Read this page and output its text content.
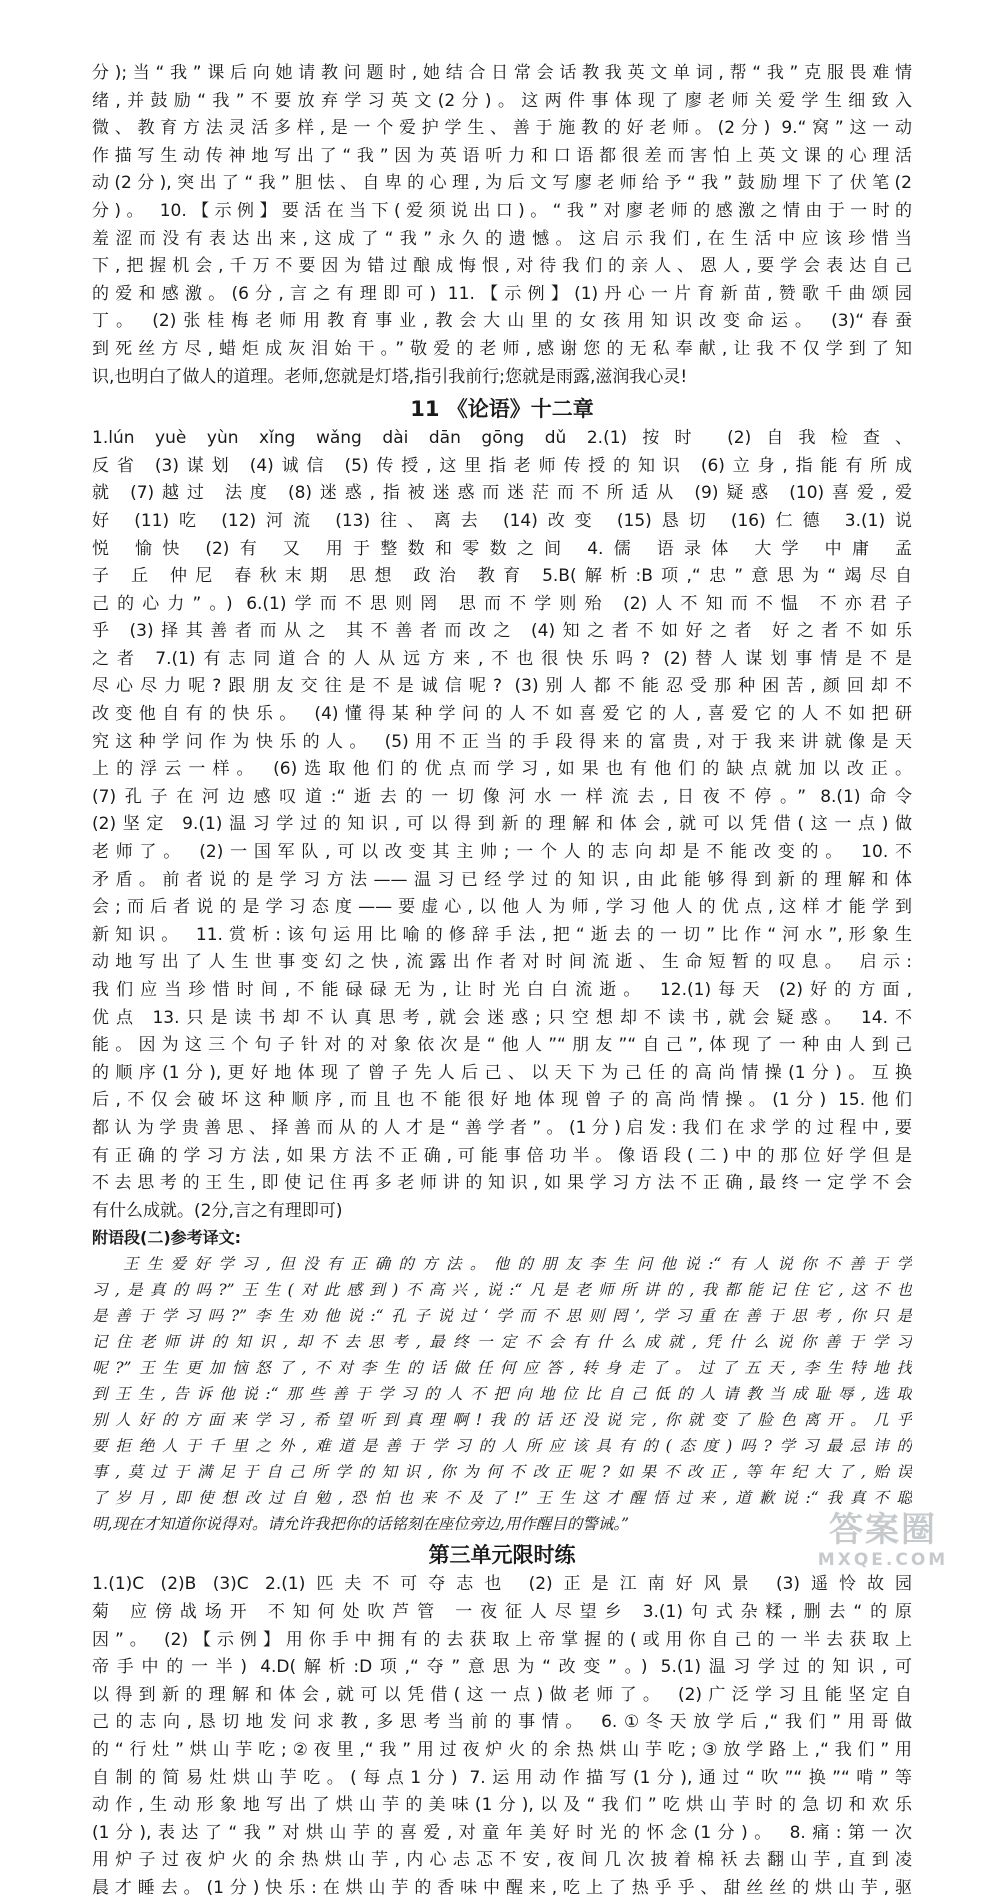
分);当“我”课后向她请教问题时,她结合日常会话教我英文单词,帮“我”克服畏难情

绪,并鼓励“我”不要放弃学习英文(2分)。这两件事体现了廖老师关爱学生细致入

微、教育方法灵活多样,是一个爱护学生、善于施教的好老师。(2分) 9.“窝”这一动

作描写生动传神地写出了“我”因为英语听力和口语都很差而害怕上英文课的心理活

动(2分),突出了“我”胆怯、自卑的心理,为后文写廖老师给予“我”鼓励埋下了伏笔(2

分)。 10.【示例】要活在当下(爱须说出口)。“我”对廖老师的感激之情由于一时的

羞涩而没有表达出来,这成了“我”永久的遗憾。这启示我们,在生活中应该珍惜当

下,把握机会,千万不要因为错过酿成悔恨,对待我们的亲人、恩人,要学会表达自己

的爱和感激。(6分,言之有理即可) 11.【示例】(1)丹心一片育新苗,赞歌千曲颂园

丁。 (2)张桂梅老师用教育事业,教会大山里的女孩用知识改变命运。 (3)“春蚕

到死丝方尽,蜡炬成灰泪始干。”敬爱的老师,感谢您的无私奉献,让我不仅学到了知

识,也明白了做人的道理。老师,您就是灯塔,指引我前行;您就是雨露,滋润我心灵!

11 《论语》十二章

1.lún yuè yùn xǐng wǎng dài dān gōng dǔ 2.(1)按时 (2)自我检查、

反省 (3)谋划 (4)诚信 (5)传授,这里指老师传授的知识 (6)立身,指能有所成

就 (7)越过 法度 (8)迷惑,指被迷惑而迷茫而不所适从 (9)疑惑 (10)喜爱,爱

好 (11)吃 (12)河流 (13)往、离去 (14)改变 (15)恳切 (16)仁德 3.(1)说

悦 愉快 (2)有 又 用于整数和零数之间 4.儒 语录体 大学 中庸 孟

子 丘 仲尼 春秋末期 思想 政治 教育 5.B(解析:B项,“忠”意思为“竭尽自

己的心力”。) 6.(1)学而不思则罔 思而不学则殆 (2)人不知而不愠 不亦君子

乎 (3)择其善者而从之 其不善者而改之 (4)知之者不如好之者 好之者不如乐

之者 7.(1)有志同道合的人从远方来,不也很快乐吗? (2)替人谋划事情是不是

尽心尽力呢?跟朋友交往是不是诚信呢? (3)别人都不能忍受那种困苦,颜回却不

改变他自有的快乐。 (4)懂得某种学问的人不如喜爱它的人,喜爱它的人不如把研

究这种学问作为快乐的人。 (5)用不正当的手段得来的富贵,对于我来讲就像是天

上的浮云一样。 (6)选取他们的优点而学习,如果也有他们的缺点就加以改正。

(7)孔子在河边感叹道:“逝去的一切像河水一样流去,日夜不停。” 8.(1)命令

(2)坚定 9.(1)温习学过的知识,可以得到新的理解和体会,就可以凭借(这一点)做

老师了。 (2)一国军队,可以改变其主帅;一个人的志向却是不能改变的。 10.不

矛盾。前者说的是学习方法——温习已经学过的知识,由此能够得到新的理解和体

会;而后者说的是学习态度——要虚心,以他人为师,学习他人的优点,这样才能学到

新知识。 11.赏析:该句运用比喻的修辞手法,把“逝去的一切”比作“河水”,形象生

动地写出了人生世事变幻之快,流露出作者对时间流逝、生命短暂的叹息。 启示:

我们应当珍惜时间,不能碌碌无为,让时光白白流逝。 12.(1)每天 (2)好的方面,

优点 13.只是读书却不认真思考,就会迷惑;只空想却不读书,就会疑惑。 14.不

能。因为这三个句子针对的对象依次是“他人”“朋友”“自己”,体现了一种由人到己

的顺序(1分),更好地体现了曾子先人后己、以天下为己任的高尚情操(1分)。互换

后,不仅会破坏这种顺序,而且也不能很好地体现曾子的高尚情操。(1分) 15.他们

都认为学贵善思、择善而从的人才是“善学者”。(1分)启发:我们在求学的过程中,要

有正确的学习方法,如果方法不正确,可能事倍功半。像语段(二)中的那位好学但是

不去思考的王生,即使记住再多老师讲的知识,如果学习方法不正确,最终一定学不会

有什么成就。(2分,言之有理即可)

附语段(二)参考译文:

王生爱好学习,但没有正确的方法。他的朋友李生问他说:“有人说你不善于学

习,是真的吗?”王生(对此感到)不高兴,说:“凡是老师所讲的,我都能记住它,这不也

是善于学习吗?”李生劝他说:“孔子说过‘学而不思则罔’,学习重在善于思考,你只是

记住老师讲的知识,却不去思考,最终一定不会有什么成就,凭什么说你善于学习

呢?”王生更加恼怒了,不对李生的话做任何应答,转身走了。过了五天,李生特地找

到王生,告诉他说:“那些善于学习的人不把向地位比自己低的人请教当成耻辱,选取

别人好的方面来学习,希望听到真理啊!我的话还没说完,你就变了脸色离开。几乎

要拒绝人于千里之外,难道是善于学习的人所应该具有的(态度)吗?学习最忌讳的

事,莫过于满足于自己所学的知识,你为何不改正呢?如果不改正,等年纪大了,贻误

了岁月,即使想改过自勉,恐怕也来不及了!”王生这才醒悟过来,道歉说:“我真不聪

明,现在才知道你说得对。请允许我把你的话铭刻在座位旁边,用作醒目的警诫。”

第三单元限时练

1.(1)C (2)B (3)C 2.(1)匹夫不可夺志也 (2)正是江南好风景 (3)遥怜故园

菊 应傍战场开 不知何处吹芦管 一夜征人尽望乡 3.(1)句式杂糅,删去“的原

因”。 (2)【示例】用你手中拥有的去获取上帝掌握的(或用你自己的一半去获取上

帝手中的一半) 4.D(解析:D项,“夺”意思为“改变”。) 5.(1)温习学过的知识,可

以得到新的理解和体会,就可以凭借(这一点)做老师了。 (2)广泛学习且能坚定自

己的志向,恳切地发问求教,多思考当前的事情。 6.①冬天放学后,“我们”用哥做

的“行灶”烘山芋吃;②夜里,“我”用过夜炉火的余热烘山芋吃;③放学路上,“我们”用

自制的简易灶烘山芋吃。(每点1分) 7.运用动作描写(1分),通过“吹”“换”“啃”等

动作,生动形象地写出了烘山芋的美味(1分),以及“我们”吃烘山芋时的急切和欢乐

(1分),表达了“我”对烘山芋的喜爱,对童年美好时光的怀念(1分)。 8.痛:第一次

用炉子过夜炉火的余热烘山芋,内心忐忑不安,夜间几次披着棉袄去翻山芋,直到凌

晨才睡去。(1分)快乐:在烘山芋的香味中醒来,吃上了热乎乎、甜丝丝的烘山芋,驱

答案圈
MXQE.COM
